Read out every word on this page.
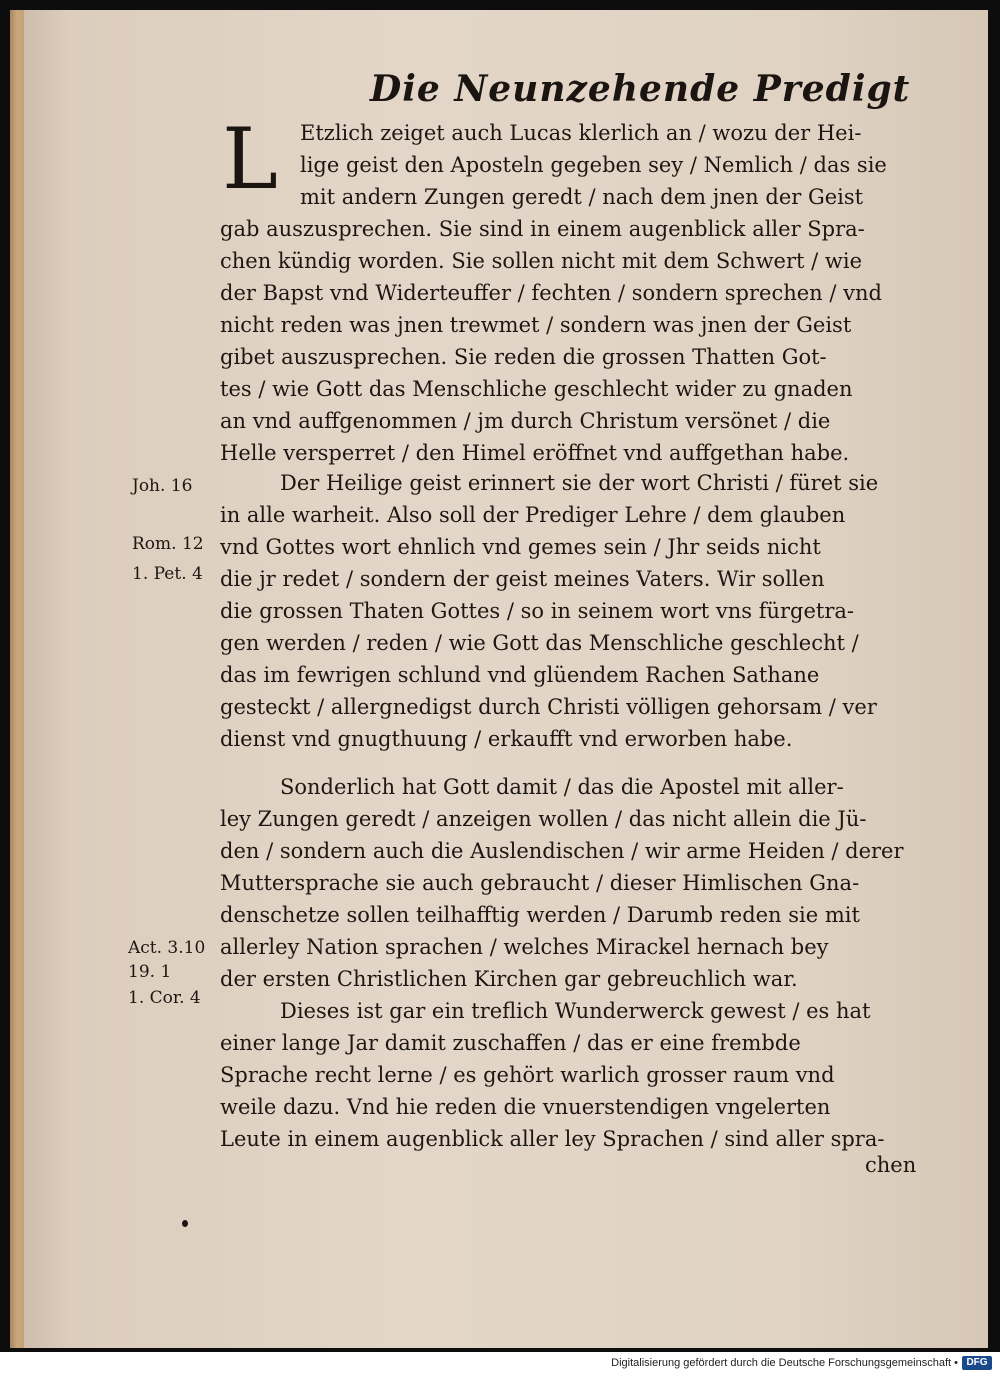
Die Neunzehende Predigt
L	Etzlich zeiget auch Lucas klerlich an / wozu der Hei‐
lige geist den Aposteln gegeben sey / Nemlich / das sie
mit andern Zungen geredt / nach dem jnen der Geist
gab auszusprechen. Sie sind in einem augenblick aller Spra‐
chen kündig worden. Sie sollen nicht mit dem Schwert / wie
der Bapst vnd Widerteuffer / fechten / sondern sprechen / vnd
nicht reden was jnen trewmet / sondern was jnen der Geist
gibet auszusprechen. Sie reden die grossen Thatten Got‐
tes / wie Gott das Menschliche geschlecht wider zu gnaden
an vnd auffgenommen / jm durch Christum versönet / die
Helle versperret / den Himel eröffnet vnd auffgethan habe.
Der Heilige geist erinnert sie der wort Christi / füret sie
in alle warheit. Also soll der Prediger Lehre / dem glauben
vnd Gottes wort ehnlich vnd gemes sein / Jhr seids nicht
die jr redet / sondern der geist meines Vaters. Wir sollen
die grossen Thaten Gottes / so in seinem wort vns fürgetra‐
gen werden / reden / wie Gott das Menschliche geschlecht /
das im fewrigen schlund vnd glüendem Rachen Sathane
gesteckt / allergnedigst durch Christi völligen gehorsam / ver
dienst vnd gnugthuung / erkaufft vnd erworben habe.
Sonderlich hat Gott damit / das die Apostel mit aller‐
ley Zungen geredt / anzeigen wollen / das nicht allein die Jü‐
den / sondern auch die Auslendischen / wir arme Heiden / derer
Muttersprache sie auch gebraucht / dieser Himlischen Gna‐
denschetze sollen teilhafftig werden / Darumb reden sie mit
allerley Nation sprachen / welches Mirackel hernach bey
der ersten Christlichen Kirchen gar gebreuchlich war.
Dieses ist gar ein treflich Wunderwerck gewest / es hat
einer lange Jar damit zuschaffen / das er eine frembde
Sprache recht lerne / es gehört warlich grosser raum vnd
weile dazu. Vnd hie reden die vnuerstendigen vngelerten
Leute in einem augenblick aller ley Sprachen / sind aller spra‐
chen
Joh. 16
Rom. 12
1. Pet. 4
Act. 3.10
19. 1
1. Cor. 4
Digitalisierung gefördert durch die Deutsche Forschungsgemeinschaft • DFG
